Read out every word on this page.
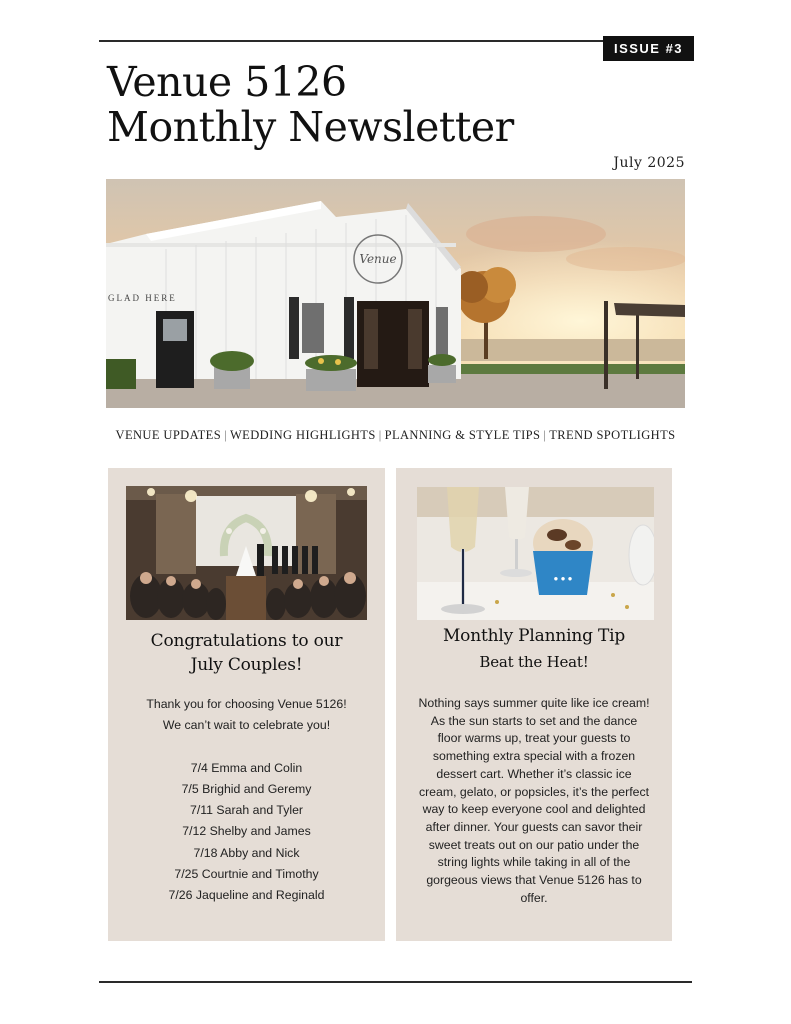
ISSUE #3
Venue 5126
Monthly Newsletter
July 2025
Venue
GLAD HERE
VENUE UPDATES | WEDDING HIGHLIGHTS | PLANNING & STYLE TIPS | TREND SPOTLIGHTS
Congratulations to our
July Couples!
Thank you for choosing Venue 5126!
We can’t wait to celebrate you!
7/4 Emma and Colin
7/5 Brighid and Geremy
7/11 Sarah and Tyler
7/12 Shelby and James
7/18 Abby and Nick
7/25 Courtnie and Timothy
7/26 Jaqueline and Reginald
● ● ●
Monthly Planning Tip
Beat the Heat!
Nothing says summer quite like ice cream! As the sun starts to set and the dance floor warms up, treat your guests to something extra special with a frozen dessert cart. Whether it’s classic ice cream, gelato, or popsicles, it’s the perfect way to keep everyone cool and delighted after dinner. Your guests can savor their sweet treats out on our patio under the string lights while taking in all of the gorgeous views that Venue 5126 has to offer.
